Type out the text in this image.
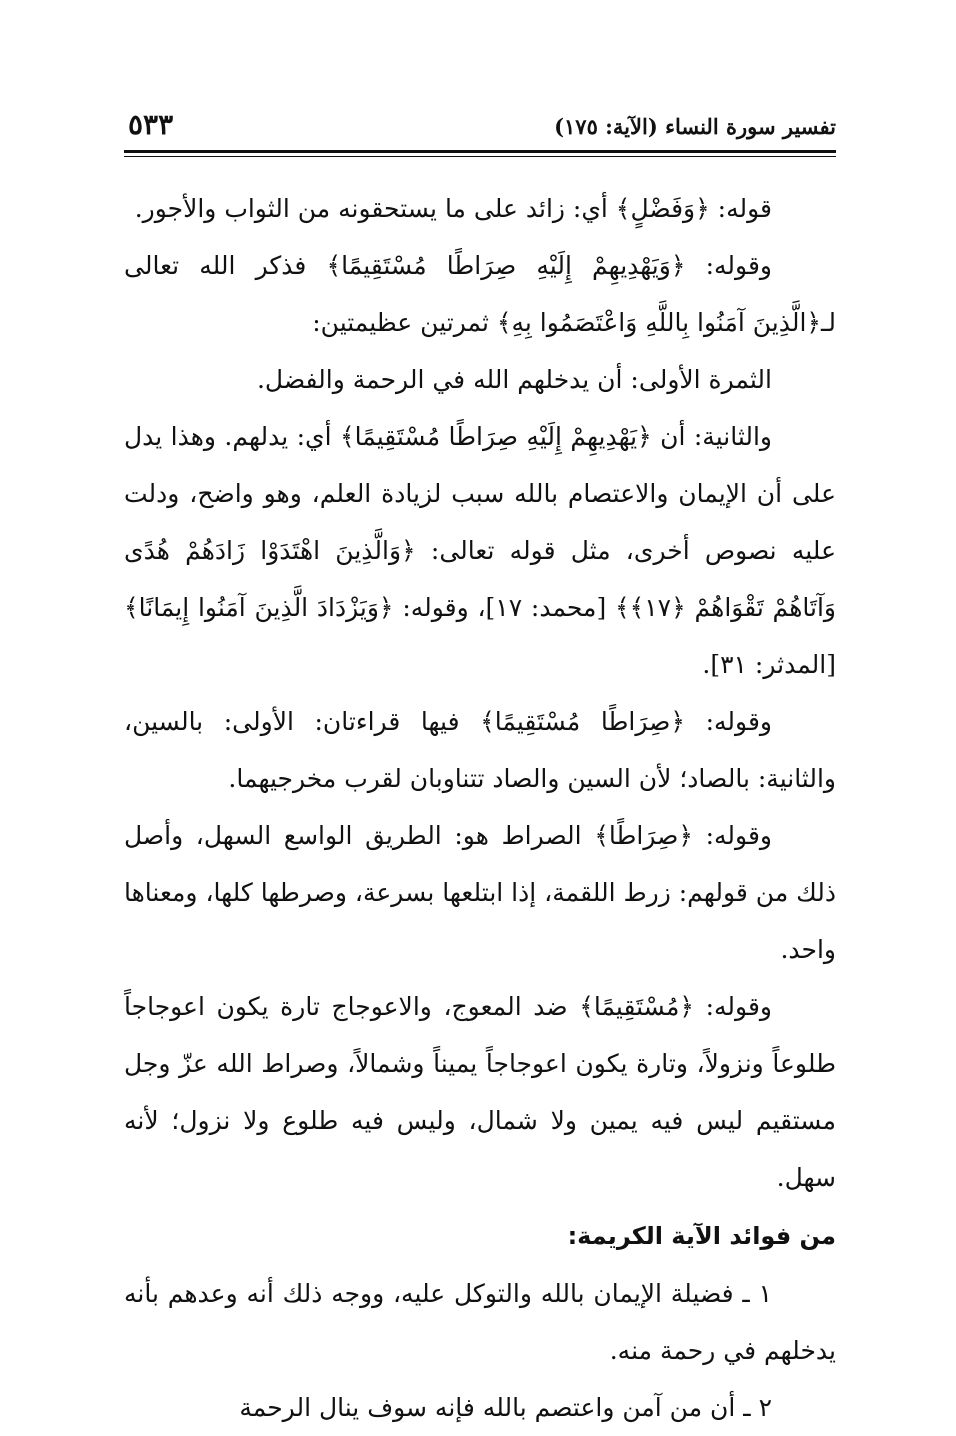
تفسير سورة النساء (الآية: ١٧٥)
٥٣٣

قوله: ﴿وَفَضْلٍ﴾ أي: زائد على ما يستحقونه من الثواب والأجور.

وقوله: ﴿وَيَهْدِيهِمْ إِلَيْهِ صِرَاطًا مُسْتَقِيمًا﴾ فذكر الله تعالى لـ﴿الَّذِينَ آمَنُوا بِاللَّهِ وَاعْتَصَمُوا بِهِ﴾ ثمرتين عظيمتين:

الثمرة الأولى: أن يدخلهم الله في الرحمة والفضل.

والثانية: أن ﴿يَهْدِيهِمْ إِلَيْهِ صِرَاطًا مُسْتَقِيمًا﴾ أي: يدلهم. وهذا يدل على أن الإيمان والاعتصام بالله سبب لزيادة العلم، وهو واضح، ودلت عليه نصوص أخرى، مثل قوله تعالى: ﴿وَالَّذِينَ اهْتَدَوْا زَادَهُمْ هُدًى وَآتَاهُمْ تَقْوَاهُمْ ﴿١٧﴾﴾ [محمد: ١٧]، وقوله: ﴿وَيَزْدَادَ الَّذِينَ آمَنُوا إِيمَانًا﴾ [المدثر: ٣١].

وقوله: ﴿صِرَاطًا مُسْتَقِيمًا﴾ فيها قراءتان: الأولى: بالسين، والثانية: بالصاد؛ لأن السين والصاد تتناوبان لقرب مخرجيهما.

وقوله: ﴿صِرَاطًا﴾ الصراط هو: الطريق الواسع السهل، وأصل ذلك من قولهم: زرط اللقمة، إذا ابتلعها بسرعة، وصرطها كلها، ومعناها واحد.

وقوله: ﴿مُسْتَقِيمًا﴾ ضد المعوج، والاعوجاج تارة يكون اعوجاجاً طلوعاً ونزولاً، وتارة يكون اعوجاجاً يميناً وشمالاً، وصراط الله عزّ وجل مستقيم ليس فيه يمين ولا شمال، وليس فيه طلوع ولا نزول؛ لأنه سهل.

من فوائد الآية الكريمة:

١ ـ فضيلة الإيمان بالله والتوكل عليه، ووجه ذلك أنه وعدهم بأنه يدخلهم في رحمة منه.

٢ ـ أن من آمن واعتصم بالله فإنه سوف ينال الرحمة
